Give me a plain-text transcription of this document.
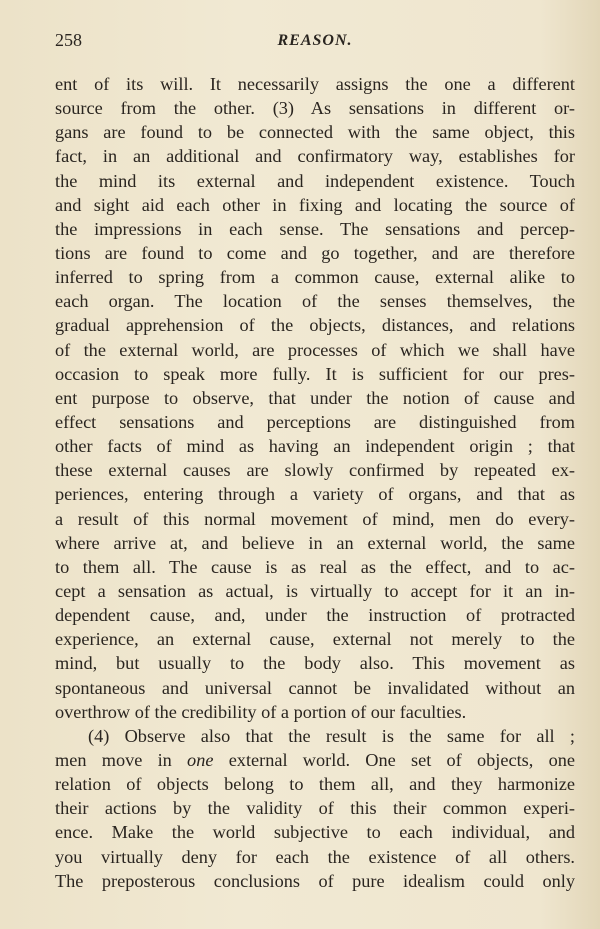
258	REASON.
ent of its will. It necessarily assigns the one a different
source from the other. (3) As sensations in different or-
gans are found to be connected with the same object, this
fact, in an additional and confirmatory way, establishes for
the mind its external and independent existence. Touch
and sight aid each other in fixing and locating the source of
the impressions in each sense. The sensations and percep-
tions are found to come and go together, and are therefore
inferred to spring from a common cause, external alike to
each organ. The location of the senses themselves, the
gradual apprehension of the objects, distances, and relations
of the external world, are processes of which we shall have
occasion to speak more fully. It is sufficient for our pres-
ent purpose to observe, that under the notion of cause and
effect sensations and perceptions are distinguished from
other facts of mind as having an independent origin ; that
these external causes are slowly confirmed by repeated ex-
periences, entering through a variety of organs, and that as
a result of this normal movement of mind, men do every-
where arrive at, and believe in an external world, the same
to them all. The cause is as real as the effect, and to ac-
cept a sensation as actual, is virtually to accept for it an in-
dependent cause, and, under the instruction of protracted
experience, an external cause, external not merely to the
mind, but usually to the body also. This movement as
spontaneous and universal cannot be invalidated without an
overthrow of the credibility of a portion of our faculties.
(4) Observe also that the result is the same for all ;
men move in one external world. One set of objects, one
relation of objects belong to them all, and they harmonize
their actions by the validity of this their common experi-
ence. Make the world subjective to each individual, and
you virtually deny for each the existence of all others.
The preposterous conclusions of pure idealism could only
